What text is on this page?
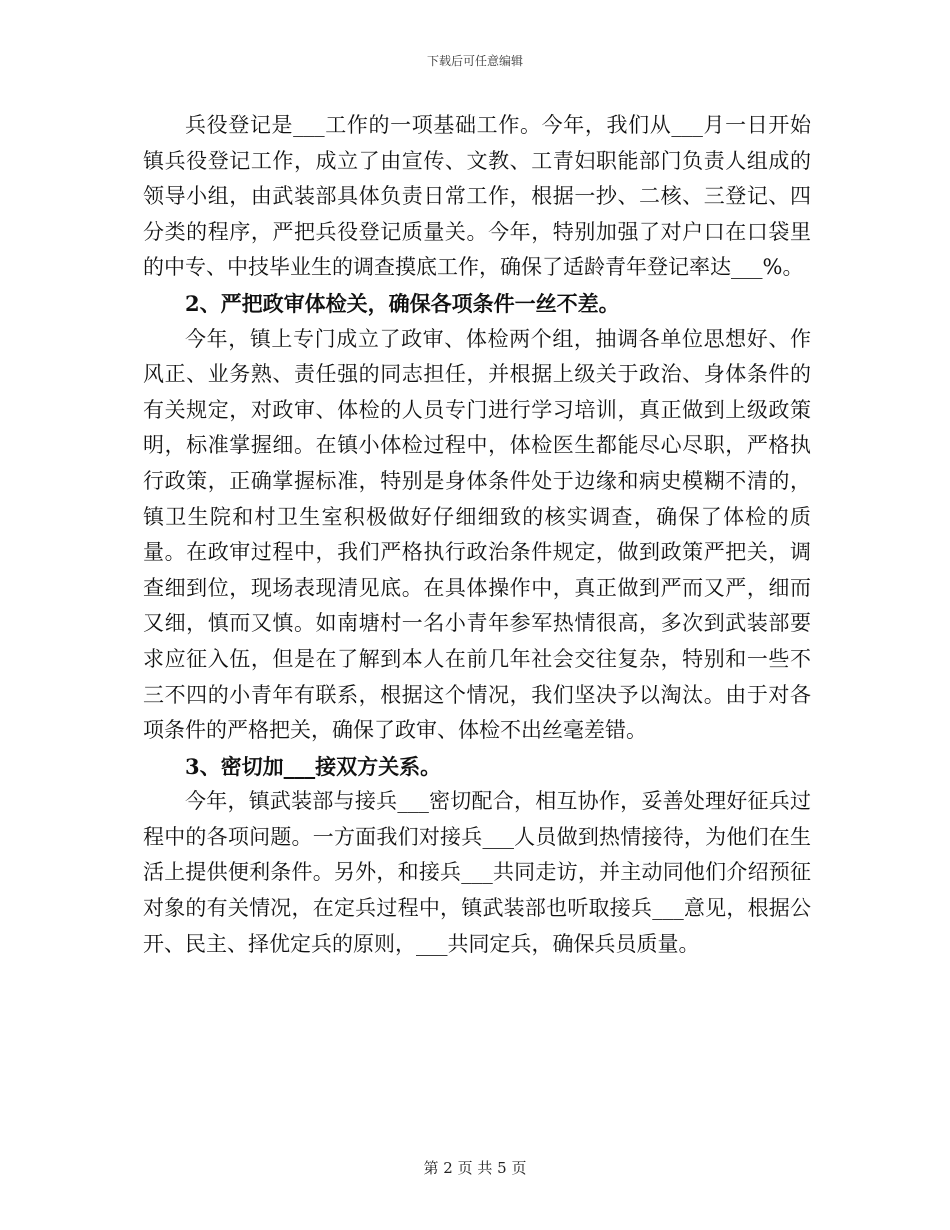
下载后可任意编辑

兵役登记是___工作的一项基础工作。今年，我们从___月一日开始镇兵役登记工作，成立了由宣传、文教、工青妇职能部门负责人组成的领导小组，由武装部具体负责日常工作，根据一抄、二核、三登记、四分类的程序，严把兵役登记质量关。今年，特别加强了对户口在口袋里的中专、中技毕业生的调查摸底工作，确保了适龄青年登记率达___%。

2、严把政审体检关，确保各项条件一丝不差。

今年，镇上专门成立了政审、体检两个组，抽调各单位思想好、作风正、业务熟、责任强的同志担任，并根据上级关于政治、身体条件的有关规定，对政审、体检的人员专门进行学习培训，真正做到上级政策明，标准掌握细。在镇小体检过程中，体检医生都能尽心尽职，严格执行政策，正确掌握标准，特别是身体条件处于边缘和病史模糊不清的，镇卫生院和村卫生室积极做好仔细细致的核实调查，确保了体检的质量。在政审过程中，我们严格执行政治条件规定，做到政策严把关，调查细到位，现场表现清见底。在具体操作中，真正做到严而又严，细而又细，慎而又慎。如南塘村一名小青年参军热情很高，多次到武装部要求应征入伍，但是在了解到本人在前几年社会交往复杂，特别和一些不三不四的小青年有联系，根据这个情况，我们坚决予以淘汰。由于对各项条件的严格把关，确保了政审、体检不出丝毫差错。

3、密切加___接双方关系。

今年，镇武装部与接兵___密切配合，相互协作，妥善处理好征兵过程中的各项问题。一方面我们对接兵___人员做到热情接待，为他们在生活上提供便利条件。另外，和接兵___共同走访，并主动同他们介绍预征对象的有关情况，在定兵过程中，镇武装部也听取接兵___意见，根据公开、民主、择优定兵的原则，___共同定兵，确保兵员质量。

第 2 页 共 5 页
